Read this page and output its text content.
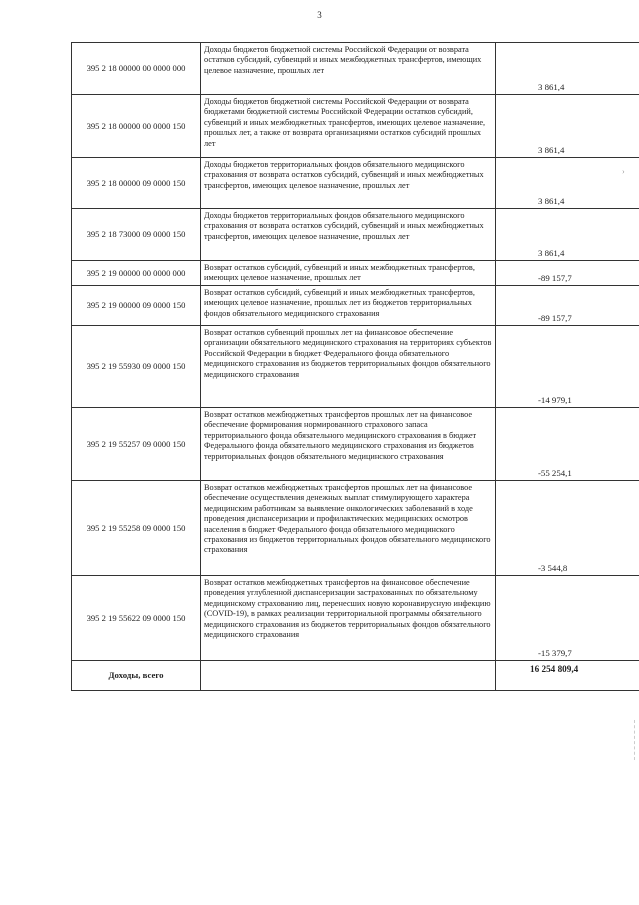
3
395 2 18 00000 00 0000 000	Доходы бюджетов бюджетной системы Российской Федерации от возврата остатков субсидий, субвенций и иных межбюджетных трансфертов, имеющих целевое назначение, прошлых лет	3 861,4
395 2 18 00000 00 0000 150	Доходы бюджетов бюджетной системы Российской Федерации от возврата бюджетами бюджетной системы Российской Федерации остатков субсидий, субвенций и иных межбюджетных трансфертов, имеющих целевое назначение, прошлых лет, а также от возврата организациями остатков субсидий прошлых лет	3 861,4
395 2 18 00000 09 0000 150	Доходы бюджетов территориальных фондов обязательного медицинского страхования от возврата остатков субсидий, субвенций и иных межбюджетных трансфертов, имеющих целевое назначение, прошлых лет	3 861,4
395 2 18 73000 09 0000 150	Доходы бюджетов территориальных фондов обязательного медицинского страхования от возврата остатков субсидий, субвенций и иных межбюджетных трансфертов, имеющих целевое назначение, прошлых лет	3 861,4
395 2 19 00000 00 0000 000	Возврат остатков субсидий, субвенций и иных межбюджетных трансфертов, имеющих целевое назначение, прошлых лет	-89 157,7
395 2 19 00000 09 0000 150	Возврат остатков субсидий, субвенций и иных межбюджетных трансфертов, имеющих целевое назначение, прошлых лет из бюджетов территориальных фондов обязательного медицинского страхования	-89 157,7
395 2 19 55930 09 0000 150	Возврат остатков субвенций прошлых лет на финансовое обеспечение организации обязательного медицинского страхования на территориях субъектов Российской Федерации в бюджет Федерального фонда обязательного медицинского страхования из бюджетов территориальных фондов обязательного медицинского страхования	-14 979,1
395 2 19 55257 09 0000 150	Возврат остатков межбюджетных трансфертов прошлых лет на финансовое обеспечение формирования нормированного страхового запаса территориального фонда обязательного медицинского страхования в бюджет Федерального фонда обязательного медицинского страхования из бюджетов территориальных фондов обязательного медицинского страхования	-55 254,1
395 2 19 55258 09 0000 150	Возврат остатков межбюджетных трансфертов прошлых лет на финансовое обеспечение осуществления денежных выплат стимулирующего характера медицинским работникам за выявление онкологических заболеваний в ходе проведения диспансеризации и профилактических медицинских осмотров населения в бюджет Федерального фонда обязательного медицинского страхования из бюджетов территориальных фондов обязательного медицинского страхования	-3 544,8
395 2 19 55622 09 0000 150	Возврат остатков межбюджетных трансфертов на финансовое обеспечение проведения углубленной диспансеризации застрахованных по обязательному медицинскому страхованию лиц, перенесших новую коронавирусную инфекцию (COVID-19), в рамках реализации территориальной программы обязательного медицинского страхования из бюджетов территориальных фондов обязательного медицинского страхования	-15 379,7
Доходы, всего		16 254 809,4
›
